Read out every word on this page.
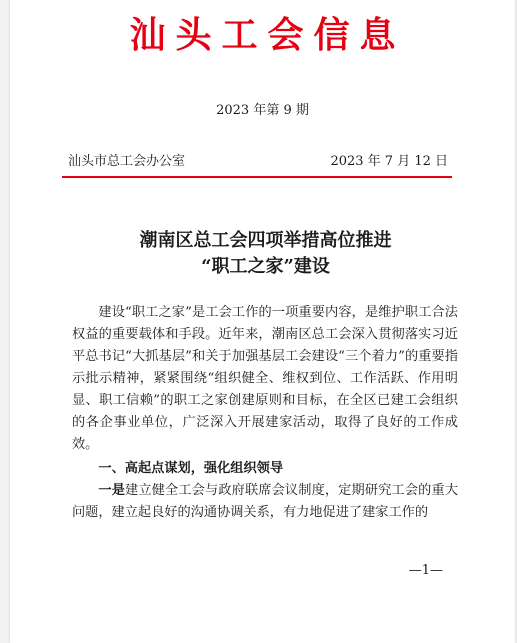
汕头工会信息
2023 年第 9 期
汕头市总工会办公室	2023 年 7 月 12 日
潮南区总工会四项举措高位推进
“职工之家”建设

建设“职工之家”是工会工作的一项重要内容，是维护职工合法权益的重要载体和手段。近年来，潮南区总工会深入贯彻落实习近平总书记“大抓基层”和关于加强基层工会建设“三个着力”的重要指示批示精神，紧紧围绕“组织健全、维权到位、工作活跃、作用明显、职工信赖”的职工之家创建原则和目标，在全区已建工会组织的各企事业单位，广泛深入开展建家活动，取得了良好的工作成效。

一、高起点谋划，强化组织领导

一是建立健全工会与政府联席会议制度，定期研究工会的重大问题，建立起良好的沟通协调关系，有力地促进了建家工作的

—1—
